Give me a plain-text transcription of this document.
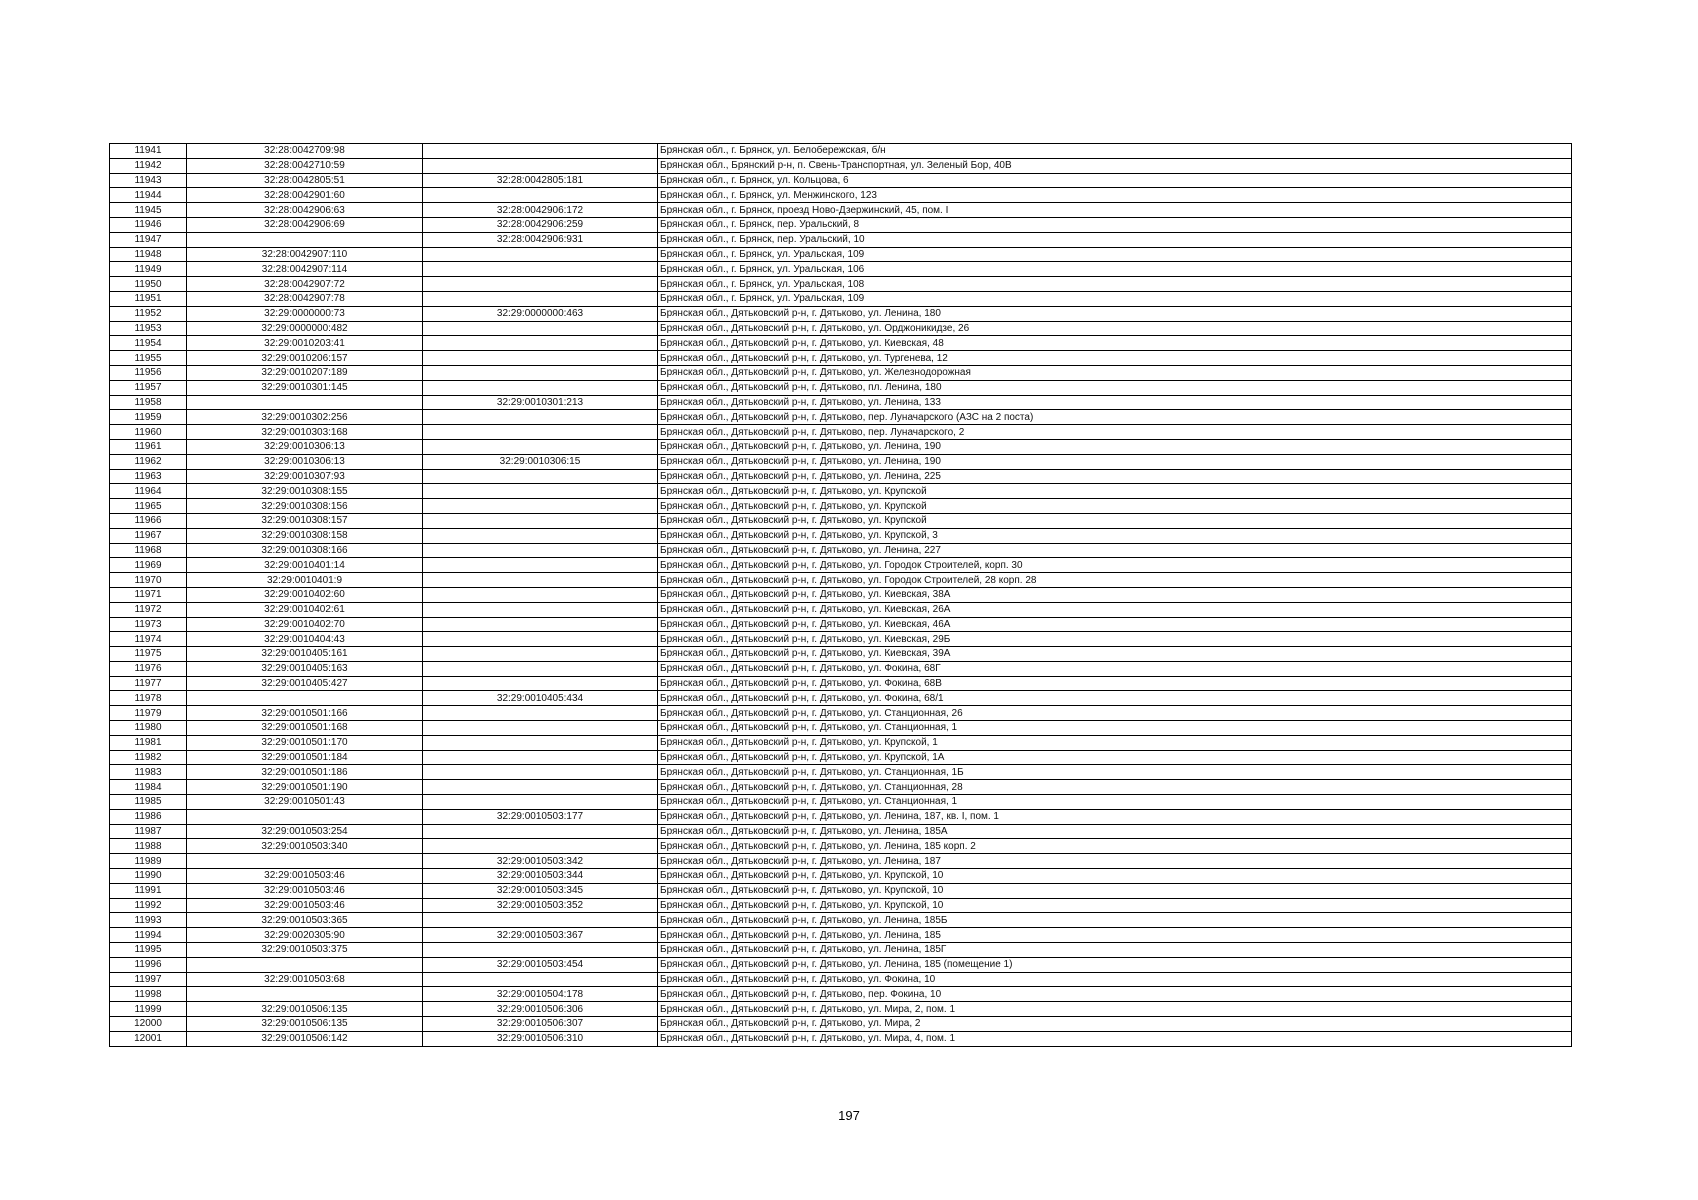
11941	32:28:0042709:98		Брянская обл., г. Брянск, ул. Белобережская, б/н
11942	32:28:0042710:59		Брянская обл., Брянский р-н, п. Свень-Транспортная, ул. Зеленый Бор, 40В
11943	32:28:0042805:51	32:28:0042805:181	Брянская обл., г. Брянск, ул. Кольцова, 6
11944	32:28:0042901:60		Брянская обл., г. Брянск, ул. Менжинского, 123
11945	32:28:0042906:63	32:28:0042906:172	Брянская обл., г. Брянск, проезд Ново-Дзержинский, 45, пом. I
11946	32:28:0042906:69	32:28:0042906:259	Брянская обл., г. Брянск, пер. Уральский, 8
11947		32:28:0042906:931	Брянская обл., г. Брянск, пер. Уральский, 10
11948	32:28:0042907:110		Брянская обл., г. Брянск, ул. Уральская, 109
11949	32:28:0042907:114		Брянская обл., г. Брянск, ул. Уральская, 106
11950	32:28:0042907:72		Брянская обл., г. Брянск, ул. Уральская, 108
11951	32:28:0042907:78		Брянская обл., г. Брянск, ул. Уральская, 109
11952	32:29:0000000:73	32:29:0000000:463	Брянская обл., Дятьковский р-н, г. Дятьково, ул. Ленина, 180
11953	32:29:0000000:482		Брянская обл., Дятьковский р-н, г. Дятьково, ул. Орджоникидзе, 26
11954	32:29:0010203:41		Брянская обл., Дятьковский р-н, г. Дятьково, ул. Киевская, 48
11955	32:29:0010206:157		Брянская обл., Дятьковский р-н, г. Дятьково, ул. Тургенева, 12
11956	32:29:0010207:189		Брянская обл., Дятьковский р-н, г. Дятьково, ул. Железнодорожная
11957	32:29:0010301:145		Брянская обл., Дятьковский р-н, г. Дятьково, пл. Ленина, 180
11958		32:29:0010301:213	Брянская обл., Дятьковский р-н, г. Дятьково, ул. Ленина, 133
11959	32:29:0010302:256		Брянская обл., Дятьковский р-н, г. Дятьково, пер. Луначарского (АЗС на 2 поста)
11960	32:29:0010303:168		Брянская обл., Дятьковский р-н, г. Дятьково, пер. Луначарского, 2
11961	32:29:0010306:13		Брянская обл., Дятьковский р-н, г. Дятьково, ул. Ленина, 190
11962	32:29:0010306:13	32:29:0010306:15	Брянская обл., Дятьковский р-н, г. Дятьково, ул. Ленина, 190
11963	32:29:0010307:93		Брянская обл., Дятьковский р-н, г. Дятьково, ул. Ленина, 225
11964	32:29:0010308:155		Брянская обл., Дятьковский р-н, г. Дятьково, ул. Крупской
11965	32:29:0010308:156		Брянская обл., Дятьковский р-н, г. Дятьково, ул. Крупской
11966	32:29:0010308:157		Брянская обл., Дятьковский р-н, г. Дятьково, ул. Крупской
11967	32:29:0010308:158		Брянская обл., Дятьковский р-н, г. Дятьково, ул. Крупской, 3
11968	32:29:0010308:166		Брянская обл., Дятьковский р-н, г. Дятьково, ул. Ленина, 227
11969	32:29:0010401:14		Брянская обл., Дятьковский р-н, г. Дятьково, ул. Городок Строителей, корп. 30
11970	32:29:0010401:9		Брянская обл., Дятьковский р-н, г. Дятьково, ул. Городок Строителей, 28 корп. 28
11971	32:29:0010402:60		Брянская обл., Дятьковский р-н, г. Дятьково, ул. Киевская, 38А
11972	32:29:0010402:61		Брянская обл., Дятьковский р-н, г. Дятьково, ул. Киевская, 26А
11973	32:29:0010402:70		Брянская обл., Дятьковский р-н, г. Дятьково, ул. Киевская, 46А
11974	32:29:0010404:43		Брянская обл., Дятьковский р-н, г. Дятьково, ул. Киевская, 29Б
11975	32:29:0010405:161		Брянская обл., Дятьковский р-н, г. Дятьково, ул. Киевская, 39А
11976	32:29:0010405:163		Брянская обл., Дятьковский р-н, г. Дятьково, ул. Фокина, 68Г
11977	32:29:0010405:427		Брянская обл., Дятьковский р-н, г. Дятьково, ул. Фокина, 68В
11978		32:29:0010405:434	Брянская обл., Дятьковский р-н, г. Дятьково, ул. Фокина, 68/1
11979	32:29:0010501:166		Брянская обл., Дятьковский р-н, г. Дятьково, ул. Станционная, 26
11980	32:29:0010501:168		Брянская обл., Дятьковский р-н, г. Дятьково, ул. Станционная, 1
11981	32:29:0010501:170		Брянская обл., Дятьковский р-н, г. Дятьково, ул. Крупской, 1
11982	32:29:0010501:184		Брянская обл., Дятьковский р-н, г. Дятьково, ул. Крупской, 1А
11983	32:29:0010501:186		Брянская обл., Дятьковский р-н, г. Дятьково, ул. Станционная, 1Б
11984	32:29:0010501:190		Брянская обл., Дятьковский р-н, г. Дятьково, ул. Станционная, 28
11985	32:29:0010501:43		Брянская обл., Дятьковский р-н, г. Дятьково, ул. Станционная, 1
11986		32:29:0010503:177	Брянская обл., Дятьковский р-н, г. Дятьково, ул. Ленина, 187, кв. I, пом. 1
11987	32:29:0010503:254		Брянская обл., Дятьковский р-н, г. Дятьково, ул. Ленина, 185А
11988	32:29:0010503:340		Брянская обл., Дятьковский р-н, г. Дятьково, ул. Ленина, 185 корп. 2
11989		32:29:0010503:342	Брянская обл., Дятьковский р-н, г. Дятьково, ул. Ленина, 187
11990	32:29:0010503:46	32:29:0010503:344	Брянская обл., Дятьковский р-н, г. Дятьково, ул. Крупской, 10
11991	32:29:0010503:46	32:29:0010503:345	Брянская обл., Дятьковский р-н, г. Дятьково, ул. Крупской, 10
11992	32:29:0010503:46	32:29:0010503:352	Брянская обл., Дятьковский р-н, г. Дятьково, ул. Крупской, 10
11993	32:29:0010503:365		Брянская обл., Дятьковский р-н, г. Дятьково, ул. Ленина, 185Б
11994	32:29:0020305:90	32:29:0010503:367	Брянская обл., Дятьковский р-н, г. Дятьково, ул. Ленина, 185
11995	32:29:0010503:375		Брянская обл., Дятьковский р-н, г. Дятьково, ул. Ленина, 185Г
11996		32:29:0010503:454	Брянская обл., Дятьковский р-н, г. Дятьково, ул. Ленина, 185 (помещение 1)
11997	32:29:0010503:68		Брянская обл., Дятьковский р-н, г. Дятьково, ул. Фокина, 10
11998		32:29:0010504:178	Брянская обл., Дятьковский р-н, г. Дятьково, пер. Фокина, 10
11999	32:29:0010506:135	32:29:0010506:306	Брянская обл., Дятьковский р-н, г. Дятьково, ул. Мира, 2, пом. 1
12000	32:29:0010506:135	32:29:0010506:307	Брянская обл., Дятьковский р-н, г. Дятьково, ул. Мира, 2
12001	32:29:0010506:142	32:29:0010506:310	Брянская обл., Дятьковский р-н, г. Дятьково, ул. Мира, 4, пом. 1
197
